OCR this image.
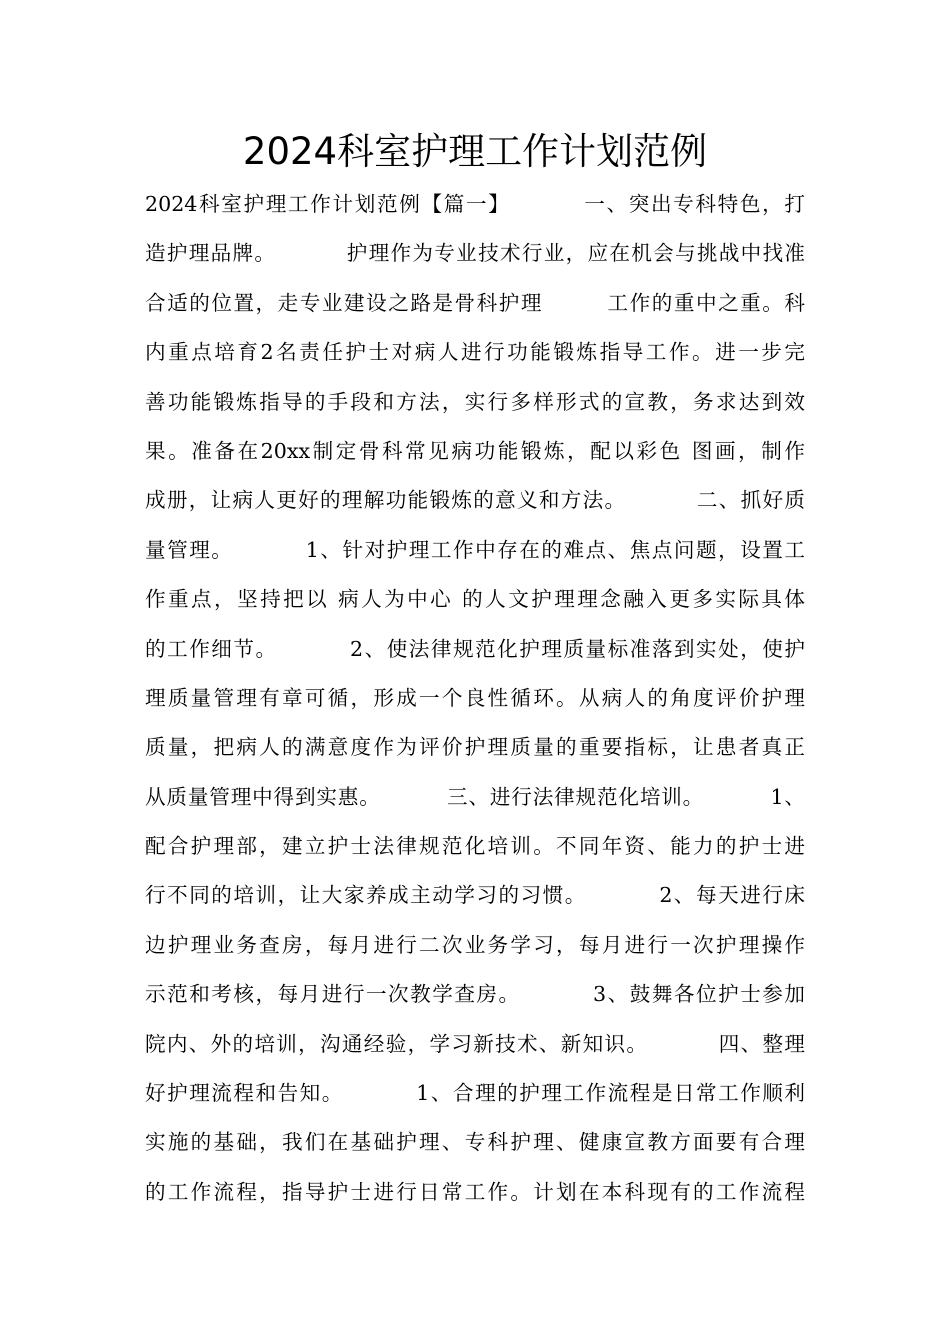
2024科室护理工作计划范例
2024科室护理工作计划范例【篇一】         一、突出专科特色，打
造护理品牌。         护理作为专业技术行业，应在机会与挑战中找准
合适的位置，走专业建设之路是骨科护理        工作的重中之重。科
内重点培育2名责任护士对病人进行功能锻炼指导工作。进一步完
善功能锻炼指导的手段和方法，实行多样形式的宣教，务求达到效
果。准备在20xx制定骨科常见病功能锻炼，配以彩色 图画，制作
成册，让病人更好的理解功能锻炼的意义和方法。         二、抓好质
量管理。         1、针对护理工作中存在的难点、焦点问题，设置工
作重点，坚持把以 病人为中心 的人文护理理念融入更多实际具体
的工作细节。         2、使法律规范化护理质量标准落到实处，使护
理质量管理有章可循，形成一个良性循环。从病人的角度评价护理
质量，把病人的满意度作为评价护理质量的重要指标，让患者真正
从质量管理中得到实惠。         三、进行法律规范化培训。         1、
配合护理部，建立护士法律规范化培训。不同年资、能力的护士进
行不同的培训，让大家养成主动学习的习惯。         2、每天进行床
边护理业务查房，每月进行二次业务学习，每月进行一次护理操作
示范和考核，每月进行一次教学查房。         3、鼓舞各位护士参加
院内、外的培训，沟通经验，学习新技术、新知识。         四、整理
好护理流程和告知。         1、合理的护理工作流程是日常工作顺利
实施的基础，我们在基础护理、专科护理、健康宣教方面要有合理
的工作流程，指导护士进行日常工作。计划在本科现有的工作流程
